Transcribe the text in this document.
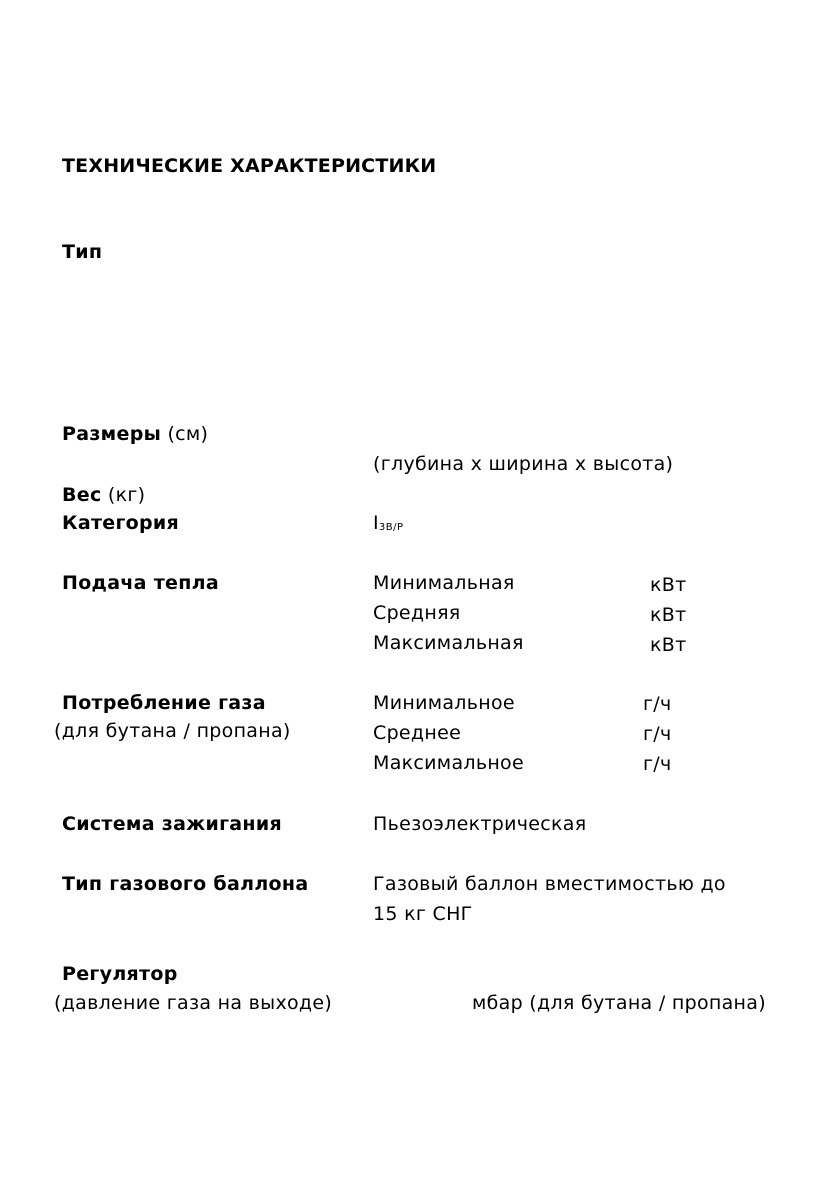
ТЕХНИЧЕСКИЕ ХАРАКТЕРИСТИКИ
Тип
Размеры (см)
(глубина x ширина x высота)
Вес (кг)
Категория	$I_{3B/P}$
Подача тепла	Минимальная	кВт
Средняя	кВт
Максимальная	кВт
Потребление газа
(для бутана / пропана)
Минимальное	г/ч
Среднее	г/ч
Максимальное	г/ч
Система зажигания	Пьезоэлектрическая
Тип газового баллона	Газовый баллон вместимостью до
15 кг СНГ
Регулятор
(давление газа на выходе)	мбар (для бутана / пропана)
